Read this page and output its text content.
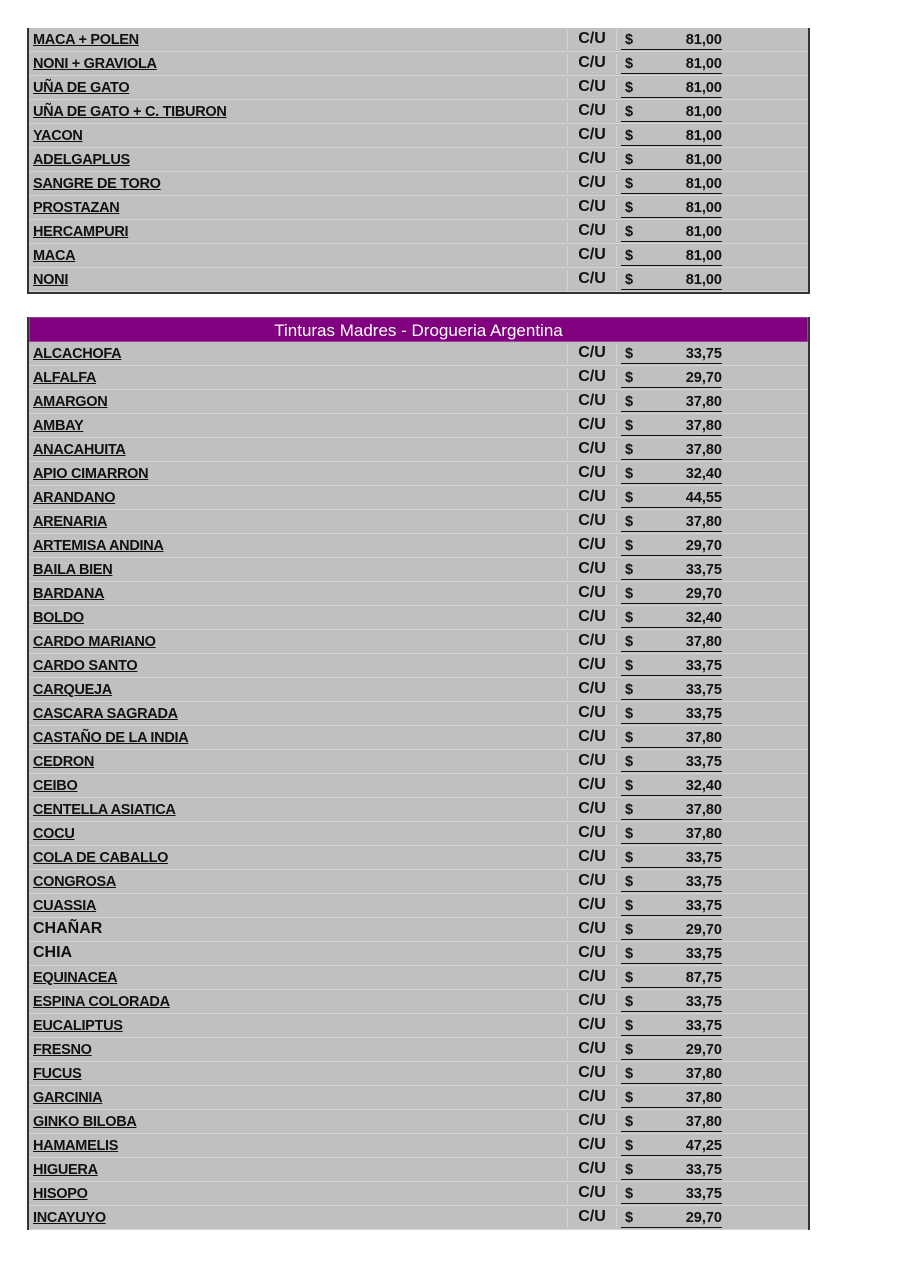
MACA + POLEN	C/U	$	81,00
NONI + GRAVIOLA	C/U	$	81,00
UÑA DE GATO	C/U	$	81,00
UÑA DE GATO + C. TIBURON	C/U	$	81,00
YACON	C/U	$	81,00
ADELGAPLUS	C/U	$	81,00
SANGRE DE TORO	C/U	$	81,00
PROSTAZAN	C/U	$	81,00
HERCAMPURI	C/U	$	81,00
MACA	C/U	$	81,00
NONI	C/U	$	81,00
Tinturas Madres - Drogueria Argentina
ALCACHOFA	C/U	$	33,75
ALFALFA	C/U	$	29,70
AMARGON	C/U	$	37,80
AMBAY	C/U	$	37,80
ANACAHUITA	C/U	$	37,80
APIO CIMARRON	C/U	$	32,40
ARANDANO	C/U	$	44,55
ARENARIA	C/U	$	37,80
ARTEMISA ANDINA	C/U	$	29,70
BAILA BIEN	C/U	$	33,75
BARDANA	C/U	$	29,70
BOLDO	C/U	$	32,40
CARDO MARIANO	C/U	$	37,80
CARDO SANTO	C/U	$	33,75
CARQUEJA	C/U	$	33,75
CASCARA SAGRADA	C/U	$	33,75
CASTAÑO DE LA INDIA	C/U	$	37,80
CEDRON	C/U	$	33,75
CEIBO	C/U	$	32,40
CENTELLA ASIATICA	C/U	$	37,80
COCU	C/U	$	37,80
COLA DE CABALLO	C/U	$	33,75
CONGROSA	C/U	$	33,75
CUASSIA	C/U	$	33,75
CHAÑAR	C/U	$	29,70
CHIA	C/U	$	33,75
EQUINACEA	C/U	$	87,75
ESPINA COLORADA	C/U	$	33,75
EUCALIPTUS	C/U	$	33,75
FRESNO	C/U	$	29,70
FUCUS	C/U	$	37,80
GARCINIA	C/U	$	37,80
GINKO BILOBA	C/U	$	37,80
HAMAMELIS	C/U	$	47,25
HIGUERA	C/U	$	33,75
HISOPO	C/U	$	33,75
INCAYUYO	C/U	$	29,70
